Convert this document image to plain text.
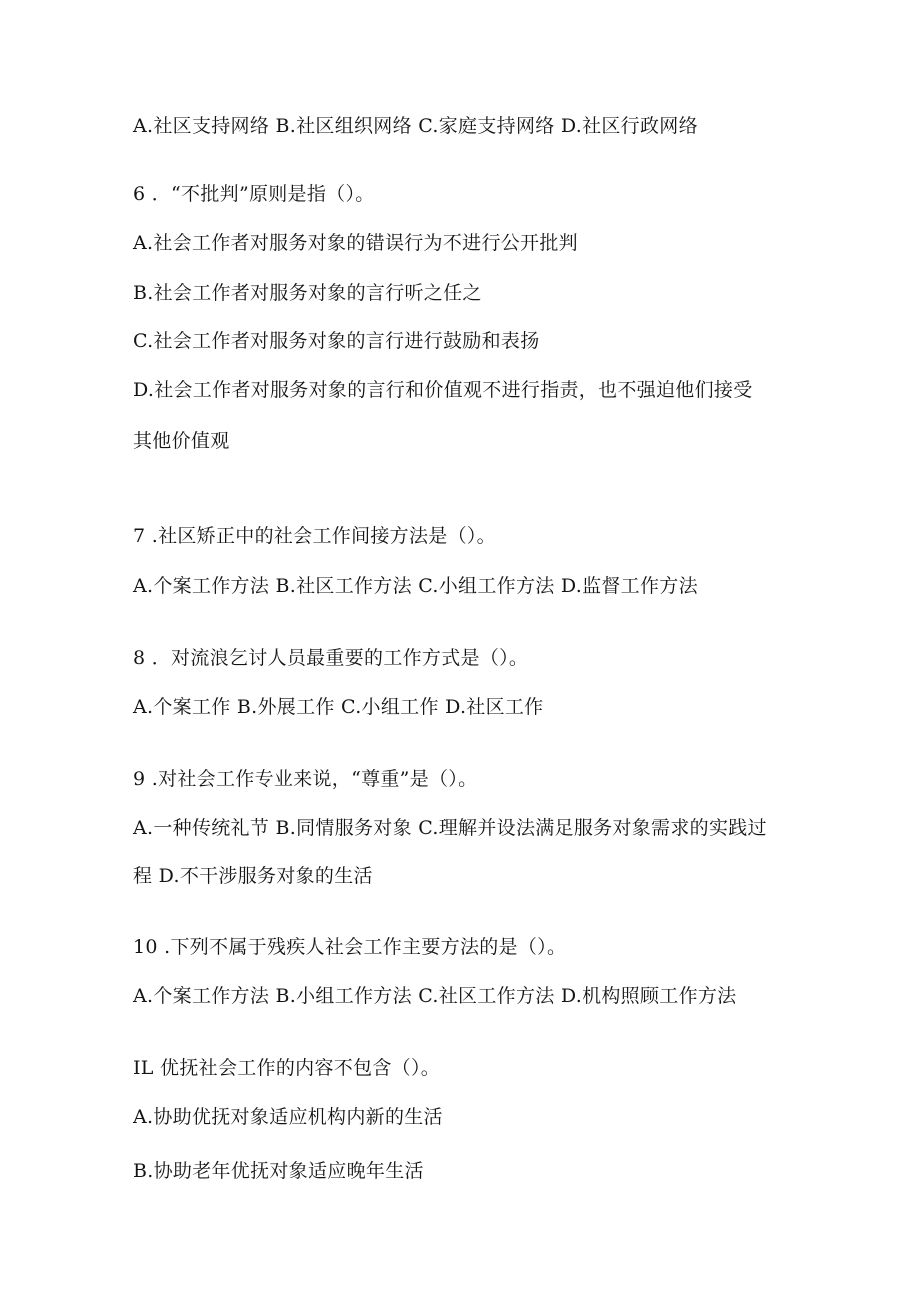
A.社区支持网络 B.社区组织网络 C.家庭支持网络 D.社区行政网络
6 ．“不批判”原则是指（）。
A.社会工作者对服务对象的错误行为不进行公开批判
B.社会工作者对服务对象的言行听之任之
C.社会工作者对服务对象的言行进行鼓励和表扬
D.社会工作者对服务对象的言行和价值观不进行指责，也不强迫他们接受
其他价值观
7 .社区矫正中的社会工作间接方法是（）。
A.个案工作方法 B.社区工作方法 C.小组工作方法 D.监督工作方法
8 ．对流浪乞讨人员最重要的工作方式是（）。
A.个案工作 B.外展工作 C.小组工作 D.社区工作
9 .对社会工作专业来说，“尊重”是（）。
A.一种传统礼节 B.同情服务对象 C.理解并设法满足服务对象需求的实践过
程 D.不干涉服务对象的生活
10 .下列不属于残疾人社会工作主要方法的是（）。
A.个案工作方法 B.小组工作方法 C.社区工作方法 D.机构照顾工作方法
IL 优抚社会工作的内容不包含（）。
A.协助优抚对象适应机构内新的生活
B.协助老年优抚对象适应晚年生活
